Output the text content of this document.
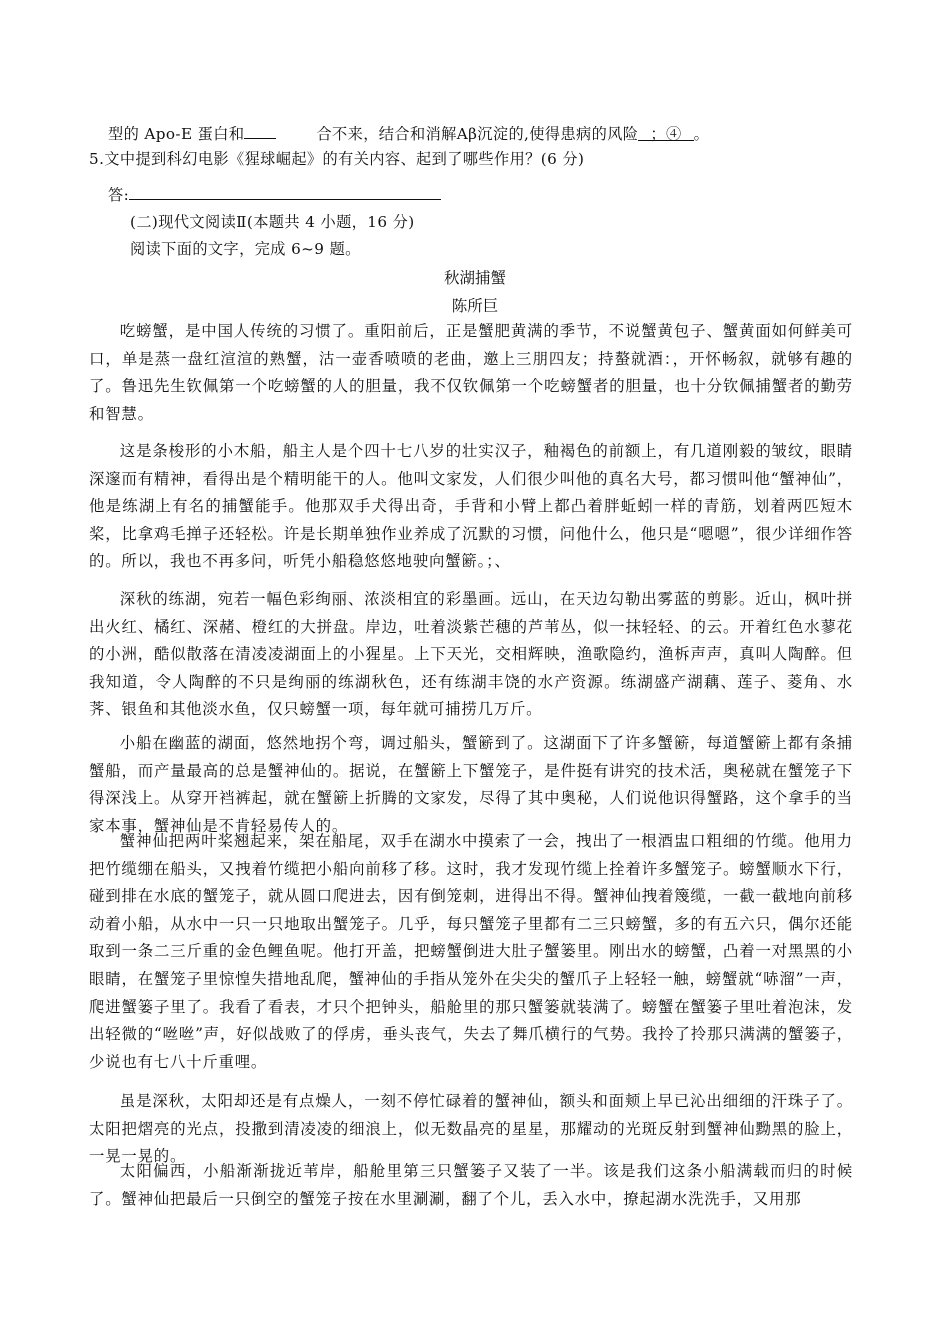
型的 Apo-E 蛋白和	合不来，结合和消解Aβ沉淀的,使得患病的风险 ；④ 。
5.文中提到科幻电影《猩球崛起》的有关内容、起到了哪些作用？(6 分)
答:
(二)现代文阅读Ⅱ(本题共 4 小题，16 分)
阅读下面的文字，完成 6~9 题。
秋湖捕蟹
陈所巨
吃螃蟹，是中国人传统的习惯了。重阳前后，正是蟹肥黄满的季节，不说蟹黄包子、蟹黄面如何鲜美可口，单是蒸一盘红渲渲的熟蟹，沽一壶香喷喷的老曲，邀上三朋四友；持螯就酒：，开怀畅叙，就够有趣的了。鲁迅先生钦佩第一个吃螃蟹的人的胆量，我不仅钦佩第一个吃螃蟹者的胆量，也十分钦佩捕蟹者的勤劳和智慧。
这是条梭形的小木船，船主人是个四十七八岁的壮实汉子，釉褐色的前额上，有几道刚毅的皱纹，眼睛深邃而有精神，看得出是个精明能干的人。他叫文家发，人们很少叫他的真名大号，都习惯叫他“蟹神仙”，他是练湖上有名的捕蟹能手。他那双手犬得出奇，手背和小臂上都凸着胖蚯蚓一样的青筋，划着两匹短木桨，比拿鸡毛掸子还轻松。许是长期单独作业养成了沉默的习惯，问他什么，他只是“嗯嗯”，很少详细作答的。所以，我也不再多问，听凭小船稳悠悠地驶向蟹簖。；、
深秋的练湖，宛若一幅色彩绚丽、浓淡相宜的彩墨画。远山，在天边勾勒出雾蓝的剪影。近山，枫叶拼出火红、橘红、深赭、橙红的大拼盘。岸边，吐着淡紫芒穗的芦苇丛，似一抹轻轻、的云。开着红色水蓼花的小洲，酷似散落在清凌凌湖面上的小猩星。上下天光，交相辉映，渔歌隐约，渔柝声声，真叫人陶醉。但我知道，令人陶醉的不只是绚丽的练湖秋色，还有练湖丰饶的水产资源。练湖盛产湖藕、莲子、菱角、水荠、银鱼和其他淡水鱼，仅只螃蟹一项，每年就可捕捞几万斤。
小船在幽蓝的湖面，悠然地拐个弯，调过船头，蟹簖到了。这湖面下了许多蟹簖，每道蟹簖上都有条捕蟹船，而产量最高的总是蟹神仙的。据说，在蟹簖上下蟹笼子，是件挺有讲究的技术活，奥秘就在蟹笼子下得深浅上。从穿开裆裤起，就在蟹簖上折腾的文家发，尽得了其中奥秘，人们说他识得蟹路，这个拿手的当家本事，蟹神仙是不肯轻易传人的。
蟹神仙把两叶桨翘起来，架在船尾，双手在湖水中摸索了一会，拽出了一根酒盅口粗细的竹缆。他用力把竹缆绷在船头，又拽着竹缆把小船向前移了移。这时，我才发现竹缆上拴着许多蟹笼子。螃蟹顺水下行，碰到排在水底的蟹笼子，就从圆口爬进去，因有倒笼刺，进得出不得。蟹神仙拽着篾缆，一截一截地向前移动着小船，从水中一只一只地取出蟹笼子。几乎，每只蟹笼子里都有二三只螃蟹，多的有五六只，偶尔还能取到一条二三斤重的金色鲤鱼呢。他打开盖，把螃蟹倒进大肚子蟹篓里。刚出水的螃蟹，凸着一对黑黑的小眼睛，在蟹笼子里惊惶失措地乱爬，蟹神仙的手指从笼外在尖尖的蟹爪子上轻轻一触，螃蟹就“哧溜”一声，爬进蟹篓子里了。我看了看表，才只个把钟头，船舱里的那只蟹篓就装满了。螃蟹在蟹篓子里吐着泡沫，发出轻微的“咝咝”声，好似战败了的俘虏，垂头丧气，失去了舞爪横行的气势。我拎了拎那只满满的蟹篓子，少说也有七八十斤重哩。
虽是深秋，太阳却还是有点燥人，一刻不停忙碌着的蟹神仙，额头和面颊上早已沁出细细的汗珠子了。太阳把熠亮的光点，投撒到清凌凌的细浪上，似无数晶亮的星星，那耀动的光斑反射到蟹神仙黝黑的脸上，一晃一晃的。
太阳偏西，小船渐渐拢近苇岸，船舱里第三只蟹篓子又装了一半。该是我们这条小船满载而归的时候了。蟹神仙把最后一只倒空的蟹笼子按在水里涮涮，翻了个儿，丢入水中，撩起湖水洗洗手，又用那
